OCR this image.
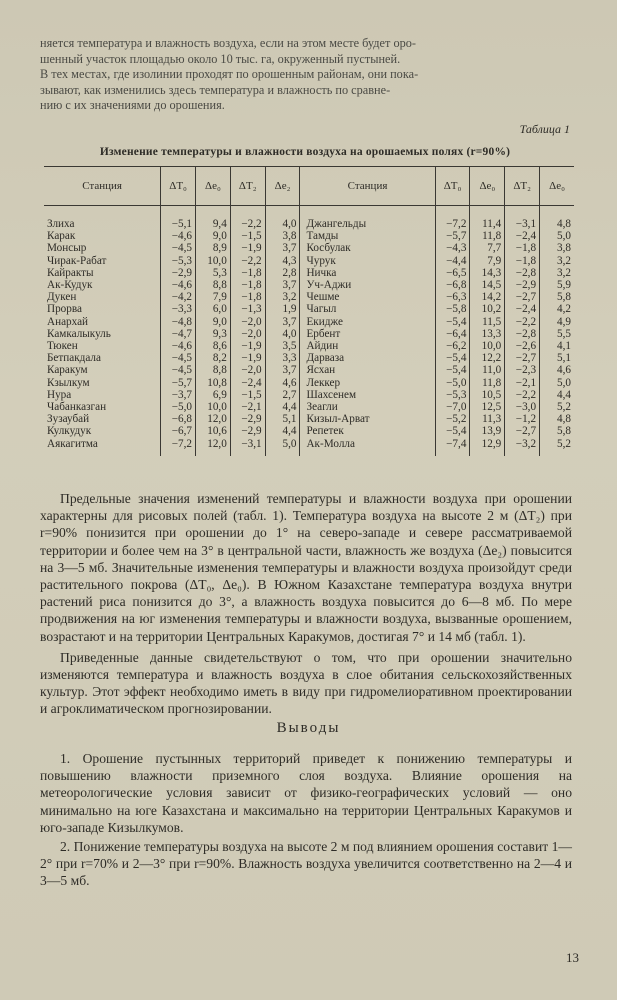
няется температура и влажность воздуха, если на этом месте будет оро-

шенный участок площадью около 10 тыс. га, окруженный пустыней.

В тех местах, где изолинии проходят по орошенным районам, они пока-

зывают, как изменились здесь температура и влажность по сравне-

нию с их значениями до орошения.

Таблица 1
Изменение температуры и влажности воздуха на орошаемых полях (r=90%)
Станция	ΔT₀	Δe₀	ΔT₂	Δe₂	Станция	ΔT₀	Δe₀	ΔT₂	Δe₀
Злиха	−5,1	9,4	−2,2	4,0	Джангельды	−7,2	11,4	−3,1	4,8
Карак	−4,6	9,0	−1,5	3,8	Тамды	−5,7	11,8	−2,4	5,0
Монсыр	−4,5	8,9	−1,9	3,7	Косбулак	−4,3	7,7	−1,8	3,8
Чирак-Рабат	−5,3	10,0	−2,2	4,3	Чурук	−4,4	7,9	−1,8	3,2
Кайракты	−2,9	5,3	−1,8	2,8	Ничка	−6,5	14,3	−2,8	3,2
Ак-Кудук	−4,6	8,8	−1,8	3,7	Уч-Аджи	−6,8	14,5	−2,9	5,9
Дукен	−4,2	7,9	−1,8	3,2	Чешме	−6,3	14,2	−2,7	5,8
Прорва	−3,3	6,0	−1,3	1,9	Чагыл	−5,8	10,2	−2,4	4,2
Анархай	−4,8	9,0	−2,0	3,7	Екидже	−5,4	11,5	−2,2	4,9
Камкалыкуль	−4,7	9,3	−2,0	4,0	Ербент	−6,4	13,3	−2,8	5,5
Тюкен	−4,6	8,6	−1,9	3,5	Айдин	−6,2	10,0	−2,6	4,1
Бетпакдала	−4,5	8,2	−1,9	3,3	Дарваза	−5,4	12,2	−2,7	5,1
Каракум	−4,5	8,8	−2,0	3,7	Ясхан	−5,4	11,0	−2,3	4,6
Кзылкум	−5,7	10,8	−2,4	4,6	Леккер	−5,0	11,8	−2,1	5,0
Нура	−3,7	6,9	−1,5	2,7	Шахсенем	−5,3	10,5	−2,2	4,4
Чабанказган	−5,0	10,0	−2,1	4,4	Зеагли	−7,0	12,5	−3,0	5,2
Зузаубай	−6,8	12,0	−2,9	5,1	Кизыл-Арват	−5,2	11,3	−1,2	4,8
Кулкудук	−6,7	10,6	−2,9	4,4	Репетек	−5,4	13,9	−2,7	5,8
Аякагитма	−7,2	12,0	−3,1	5,0	Ак-Молла	−7,4	12,9	−3,2	5,2

Предельные значения изменений температуры и влажности воздуха при орошении характерны для рисовых полей (табл. 1). Температура воздуха на высоте 2 м (ΔT₂) при r=90% понизится при орошении до 1° на северо-западе и севере рассматриваемой территории и более чем на 3° в центральной части, влажность же воздуха (Δe₂) повысится на 3—5 мб. Значительные изменения температуры и влажности воздуха произойдут среди растительного покрова (ΔT₀, Δe₀). В Южном Казахстане температура воздуха внутри растений риса понизится до 3°, а влажность воздуха повысится до 6—8 мб. По мере продвижения на юг изменения температуры и влажности воздуха, вызванные орошением, возрастают и на территории Центральных Каракумов, достигая 7° и 14 мб (табл. 1).

Приведенные данные свидетельствуют о том, что при орошении значительно изменяются температура и влажность воздуха в слое обитания сельскохозяйственных культур. Этот эффект необходимо иметь в виду при гидромелиоративном проектировании и агроклиматическом прогнозировании.

Выводы

1. Орошение пустынных территорий приведет к понижению температуры и повышению влажности приземного слоя воздуха. Влияние орошения на метеорологические условия зависит от физико-географических условий — оно минимально на юге Казахстана и максимально на территории Центральных Каракумов и юго-западе Кизылкумов.

2. Понижение температуры воздуха на высоте 2 м под влиянием орошения составит 1—2° при r=70% и 2—3° при r=90%. Влажность воздуха увеличится соответственно на 2—4 и 3—5 мб.

13
